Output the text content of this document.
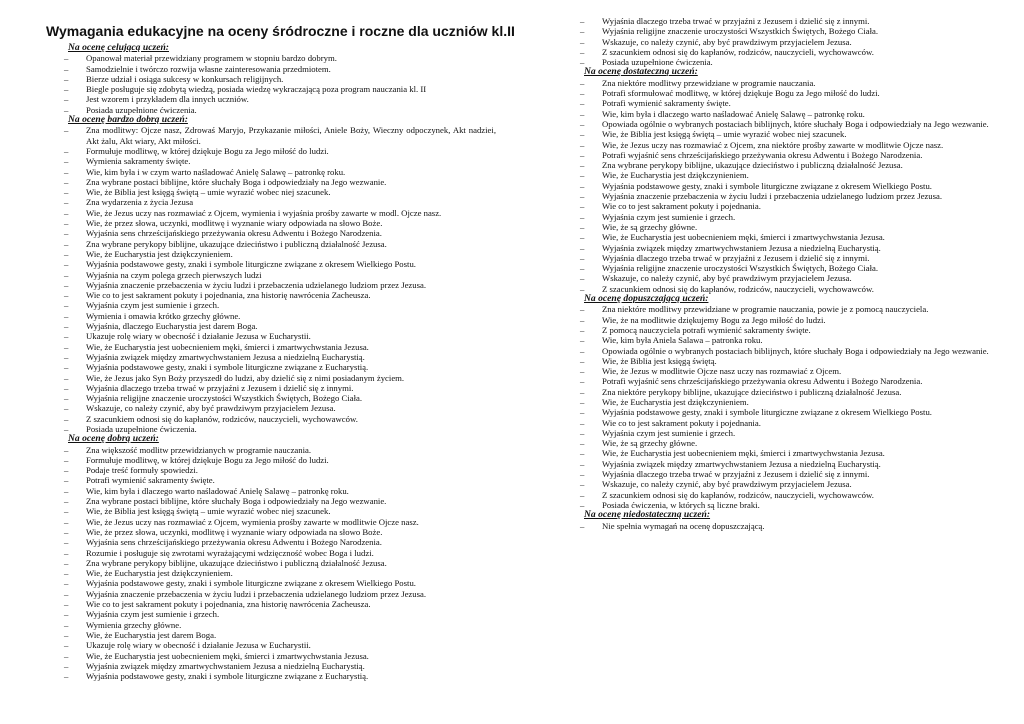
Wymagania edukacyjne na oceny śródroczne i roczne dla uczniów kl.II
Na ocenę celującą uczeń:
– Opanował materiał przewidziany programem w stopniu bardzo dobrym.
– Samodzielnie i twórczo rozwija własne zainteresowania przedmiotem.
– Bierze udział i osiąga sukcesy w konkursach religijnych.
– Biegle posługuje się zdobytą wiedzą, posiada wiedzę wykraczającą poza program nauczania kl. II
– Jest wzorem i przykładem dla innych uczniów.
– Posiada uzupełnione ćwiczenia.
Na ocenę bardzo dobrą uczeń:
– Zna modlitwy: Ojcze nasz, Zdrowaś Maryjo, Przykazanie miłości, Aniele Boży, Wieczny odpoczynek, Akt nadziei, Akt żalu, Akt wiary, Akt miłości.
– Formułuje modlitwę, w której dziękuje Bogu za Jego miłość do ludzi.
– Wymienia sakramenty święte.
– Wie, kim była i w czym warto naśladować Anielę Salawę – patronkę roku.
– Zna wybrane postaci biblijne, które słuchały Boga i odpowiedziały na Jego wezwanie.
– Wie, że Biblia jest księgą świętą – umie wyrazić wobec niej szacunek.
– Zna wydarzenia z życia Jezusa
– Wie, że Jezus uczy nas rozmawiać z Ojcem, wymienia i wyjaśnia prośby zawarte w modl. Ojcze nasz.
– Wie, że przez słowa, uczynki, modlitwę i wyznanie wiary odpowiada na słowo Boże.
– Wyjaśnia sens chrześcijańskiego przeżywania okresu Adwentu i Bożego Narodzenia.
– Zna wybrane perykopy biblijne, ukazujące dzieciństwo i publiczną działalność Jezusa.
– Wie, że Eucharystia jest dziękczynieniem.
– Wyjaśnia podstawowe gesty, znaki i symbole liturgiczne związane z okresem Wielkiego Postu.
– Wyjaśnia na czym polega grzech pierwszych ludzi
– Wyjaśnia znaczenie przebaczenia w życiu ludzi i przebaczenia udzielanego ludziom przez Jezusa.
– Wie co to jest sakrament pokuty i pojednania, zna historię nawrócenia Zacheusza.
– Wyjaśnia czym jest sumienie i grzech.
– Wymienia i omawia krótko grzechy główne.
– Wyjaśnia, dlaczego Eucharystia jest darem Boga.
– Ukazuje rolę wiary w obecność i działanie Jezusa w Eucharystii.
– Wie, że Eucharystia jest uobecnieniem męki, śmierci i zmartwychwstania Jezusa.
– Wyjaśnia związek między zmartwychwstaniem Jezusa a niedzielną Eucharystią.
– Wyjaśnia podstawowe gesty, znaki i symbole liturgiczne związane z Eucharystią.
– Wie, że Jezus jako Syn Boży przyszedł do ludzi, aby dzielić się z nimi posiadanym życiem.
– Wyjaśnia dlaczego trzeba trwać w przyjaźni z Jezusem i dzielić się z innymi.
– Wyjaśnia religijne znaczenie uroczystości Wszystkich Świętych, Bożego Ciała.
– Wskazuje, co należy czynić, aby być prawdziwym przyjacielem Jezusa.
– Z szacunkiem odnosi się do kapłanów, rodziców, nauczycieli, wychowawców.
– Posiada uzupełnione ćwiczenia.
Na ocenę dobrą uczeń:
– Zna większość modlitw przewidzianych w programie nauczania.
– Formułuje modlitwę, w której dziękuje Bogu za Jego miłość do ludzi.
– Podaje treść formuły spowiedzi.
– Potrafi wymienić sakramenty święte.
– Wie, kim była i dlaczego warto naśladować Anielę Salawę – patronkę roku.
– Zna wybrane postaci biblijne, które słuchały Boga i odpowiedziały na Jego wezwanie.
– Wie, że Biblia jest księgą świętą – umie wyrazić wobec niej szacunek.
– Wie, że Jezus uczy nas rozmawiać z Ojcem, wymienia prośby zawarte w modlitwie Ojcze nasz.
– Wie, że przez słowa, uczynki, modlitwę i wyznanie wiary odpowiada na słowo Boże.
– Wyjaśnia sens chrześcijańskiego przeżywania okresu Adwentu i Bożego Narodzenia.
– Rozumie i posługuje się zwrotami wyrażającymi wdzięczność wobec Boga i ludzi.
– Zna wybrane perykopy biblijne, ukazujące dzieciństwo i publiczną działalność Jezusa.
– Wie, że Eucharystia jest dziękczynieniem.
– Wyjaśnia podstawowe gesty, znaki i symbole liturgiczne związane z okresem Wielkiego Postu.
– Wyjaśnia znaczenie przebaczenia w życiu ludzi i przebaczenia udzielanego ludziom przez Jezusa.
– Wie co to jest sakrament pokuty i pojednania, zna historię nawrócenia Zacheusza.
– Wyjaśnia czym jest sumienie i grzech.
– Wymienia grzechy główne.
– Wie, że Eucharystia jest darem Boga.
– Ukazuje rolę wiary w obecność i działanie Jezusa w Eucharystii.
– Wie, że Eucharystia jest uobecnieniem męki, śmierci i zmartwychwstania Jezusa.
– Wyjaśnia związek między zmartwychwstaniem Jezusa a niedzielną Eucharystią.
– Wyjaśnia podstawowe gesty, znaki i symbole liturgiczne związane z Eucharystią.
– Wyjaśnia dlaczego trzeba trwać w przyjaźni z Jezusem i dzielić się z innymi.
– Wyjaśnia religijne znaczenie uroczystości Wszystkich Świętych, Bożego Ciała.
– Wskazuje, co należy czynić, aby być prawdziwym przyjacielem Jezusa.
– Z szacunkiem odnosi się do kapłanów, rodziców, nauczycieli, wychowawców.
– Posiada uzupełnione ćwiczenia.
Na ocenę dostateczną uczeń:
– Zna niektóre modlitwy przewidziane w programie nauczania.
– Potrafi sformułować modlitwę, w której dziękuje Bogu za Jego miłość do ludzi.
– Potrafi wymienić sakramenty święte.
– Wie, kim była i dlaczego warto naśladować Anielę Salawę – patronkę roku.
– Opowiada ogólnie o wybranych postaciach biblijnych, które słuchały Boga i odpowiedziały na Jego wezwanie.
– Wie, że Biblia jest księgą świętą – umie wyrazić wobec niej szacunek.
– Wie, że Jezus uczy nas rozmawiać z Ojcem, zna niektóre prośby zawarte w modlitwie Ojcze nasz.
– Potrafi wyjaśnić sens chrześcijańskiego przeżywania okresu Adwentu i Bożego Narodzenia.
– Zna wybrane perykopy biblijne, ukazujące dzieciństwo i publiczną działalność Jezusa.
– Wie, że Eucharystia jest dziękczynieniem.
– Wyjaśnia podstawowe gesty, znaki i symbole liturgiczne związane z okresem Wielkiego Postu.
– Wyjaśnia znaczenie przebaczenia w życiu ludzi i przebaczenia udzielanego ludziom przez Jezusa.
– Wie co to jest sakrament pokuty i pojednania.
– Wyjaśnia czym jest sumienie i grzech.
– Wie, że są grzechy główne.
– Wie, że Eucharystia jest uobecnieniem męki, śmierci i zmartwychwstania Jezusa.
– Wyjaśnia związek między zmartwychwstaniem Jezusa a niedzielną Eucharystią.
– Wyjaśnia dlaczego trzeba trwać w przyjaźni z Jezusem i dzielić się z innymi.
– Wyjaśnia religijne znaczenie uroczystości Wszystkich Świętych, Bożego Ciała.
– Wskazuje, co należy czynić, aby być prawdziwym przyjacielem Jezusa.
– Z szacunkiem odnosi się do kapłanów, rodziców, nauczycieli, wychowawców.
Na ocenę dopuszczającą uczeń:
– Zna niektóre modlitwy przewidziane w programie nauczania, powie je z pomocą nauczyciela.
– Wie, że na modlitwie dziękujemy Bogu za Jego miłość do ludzi.
– Z pomocą nauczyciela potrafi wymienić sakramenty święte.
– Wie, kim była Aniela Salawa – patronka roku.
– Opowiada ogólnie o wybranych postaciach biblijnych, które słuchały Boga i odpowiedziały na Jego wezwanie.
– Wie, że Biblia jest księgą świętą.
– Wie, że Jezus w modlitwie Ojcze nasz uczy nas rozmawiać z Ojcem.
– Potrafi wyjaśnić sens chrześcijańskiego przeżywania okresu Adwentu i Bożego Narodzenia.
– Zna niektóre perykopy biblijne, ukazujące dzieciństwo i publiczną działalność Jezusa.
– Wie, że Eucharystia jest dziękczynieniem.
– Wyjaśnia podstawowe gesty, znaki i symbole liturgiczne związane z okresem Wielkiego Postu.
– Wie co to jest sakrament pokuty i pojednania.
– Wyjaśnia czym jest sumienie i grzech.
– Wie, że są grzechy główne.
– Wie, że Eucharystia jest uobecnieniem męki, śmierci i zmartwychwstania Jezusa.
– Wyjaśnia związek między zmartwychwstaniem Jezusa a niedzielną Eucharystią.
– Wyjaśnia dlaczego trzeba trwać w przyjaźni z Jezusem i dzielić się z innymi.
– Wskazuje, co należy czynić, aby być prawdziwym przyjacielem Jezusa.
– Z szacunkiem odnosi się do kapłanów, rodziców, nauczycieli, wychowawców.
– Posiada ćwiczenia, w których są liczne braki.
Na ocenę niedostateczną uczeń:
– Nie spełnia wymagań na ocenę dopuszczającą.
